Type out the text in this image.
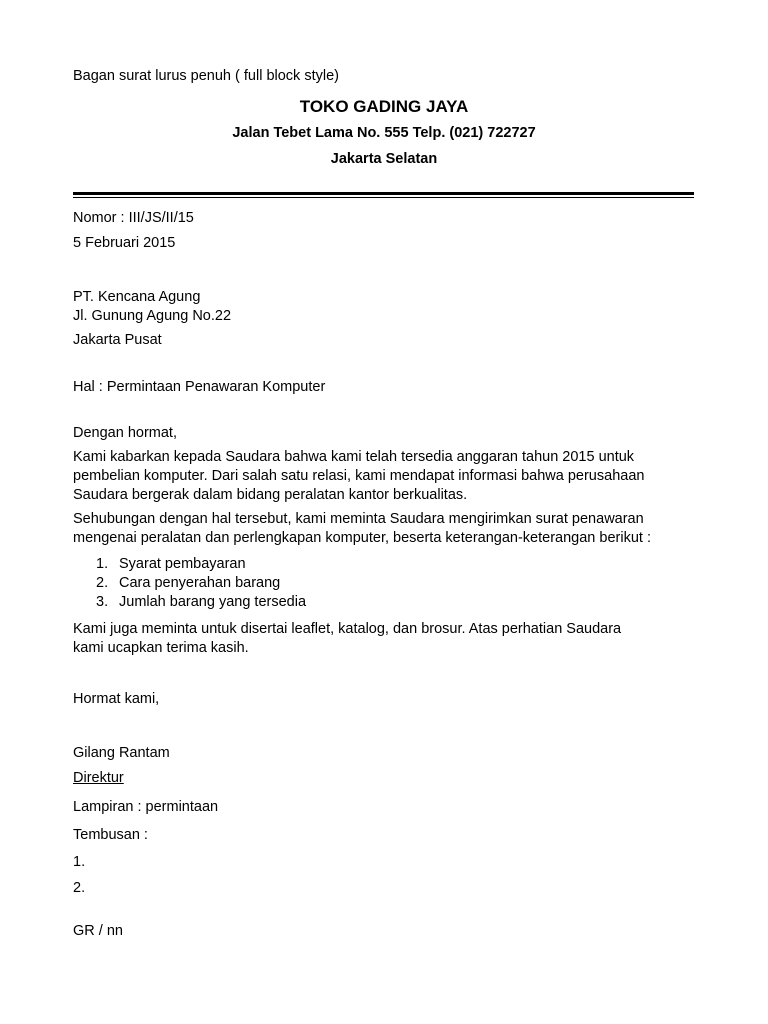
Bagan surat lurus penuh ( full block style)
TOKO GADING JAYA
Jalan Tebet Lama No. 555 Telp. (021) 722727
Jakarta Selatan
Nomor : III/JS/II/15
5 Februari 2015
PT. Kencana Agung
Jl. Gunung Agung No.22
Jakarta Pusat
Hal : Permintaan Penawaran Komputer
Dengan hormat,

Kami kabarkan kepada Saudara bahwa kami telah tersedia anggaran tahun 2015 untuk

pembelian komputer. Dari salah satu relasi, kami mendapat informasi bahwa perusahaan

Saudara bergerak dalam bidang peralatan kantor berkualitas.

Sehubungan dengan hal tersebut, kami meminta Saudara mengirimkan surat penawaran

mengenai peralatan dan perlengkapan komputer, beserta keterangan-keterangan berikut :

1. Syarat pembayaran
2. Cara penyerahan barang
3. Jumlah barang yang tersedia

Kami juga meminta untuk disertai leaflet, katalog, dan brosur. Atas perhatian Saudara

kami ucapkan terima kasih.

Hormat kami,
Gilang Rantam
Direktur
Lampiran : permintaan
Tembusan :
1.
2.
GR / nn
